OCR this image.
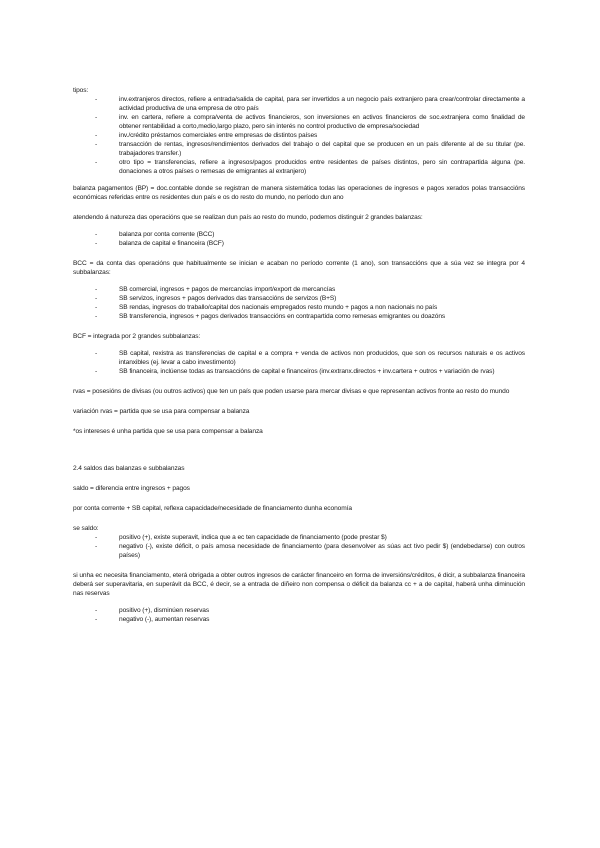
tipos:

- inv.extranjeros directos, refiere a entrada/salida de capital, para ser invertidos a un negocio país extranjero para crear/controlar directamente a actividad productiva de una empresa de otro país
- inv. en cartera, refiere a compra/venta de activos financieros, son inversiones en activos financieros de soc.extranjera como finalidad de obtener rentabilidad a corto,medio,largo plazo, pero sin interés no control productivo de empresa/sociedad
- inv./crédito préstamos comerciales entre empresas de distintos países
- transacción de rentas, ingresos/rendimientos derivados del trabajo o del capital que se producen en un país diferente al de su titular (pe. trabajadores transfer.)
- otro tipo = transferencias, refiere a ingresos/pagos producidos entre residentes de países distintos, pero sin contrapartida alguna (pe. donaciones a otros países o remesas de emigrantes al extranjero)

balanza pagamentos (BP) = doc.contable donde se registran de manera sistemática todas las operaciones de ingresos e pagos xerados polas transaccións económicas referidas entre os residentes dun país e os do resto do mundo, no período dun ano

atendendo á natureza das operacións que se realizan dun país ao resto do mundo, podemos distinguir 2 grandes balanzas:

- balanza por conta corrente (BCC)
- balanza de capital e financeira (BCF)

BCC = da conta das operacións que habitualmente se inician e acaban no período corrente (1 ano), son transaccións que a súa vez se integra por 4 subbalanzas:

- SB comercial, ingresos + pagos de mercancías import/export de mercancías
- SB servizos, ingresos + pagos derivados das transaccións de servizos (B+S)
- SB rendas, ingresos do traballo/capital dos nacionais empregados resto mundo + pagos a non nacionais no país
- SB transferencia, ingresos + pagos derivados transaccións en contrapartida como remesas emigrantes ou doazóns

BCF = integrada por 2 grandes subbalanzas:

- SB capital, rexistra as transferencias de capital e a compra + venda de activos non producidos, que son os recursos naturais e os activos intanxibles (ej. levar a cabo investimento)
- SB financeira, inclúense todas as transaccións de capital e financeiros (inv.extranx.directos + inv.cartera + outros + variación de rvas)

rvas = posesións de divisas (ou outros activos) que ten un país que poden usarse para mercar divisas e que representan activos fronte ao resto do mundo

variación rvas = partida que se usa para compensar a balanza

*os intereses é unha partida que se usa para compensar a balanza

2.4 saldos das balanzas e subbalanzas

saldo = diferencia entre ingresos + pagos

por conta corrente + SB capital, reflexa capacidade/necesidade de financiamento dunha economía

se saldo:

- positivo (+), existe superavit, indica que a ec ten capacidade de financiamento (pode prestar $)
- negativo (-), existe déficit, o país amosa necesidade de financiamento (para desenvolver as súas act tivo pedir $) (endebedarse) con outros países)

si unha ec necesita financiamento, eterá obrigada a obter outros ingresos de carácter financeiro en forma de inversións/créditos, é dicir, a subbalanza financeira deberá ser superavitaria, en superávit da BCC, é decir, se a entrada de diñeiro non compensa o déficit da balanza cc + a de capital, haberá unha diminución nas reservas

- positivo (+), disminúen reservas
- negativo (-), aumentan reservas
